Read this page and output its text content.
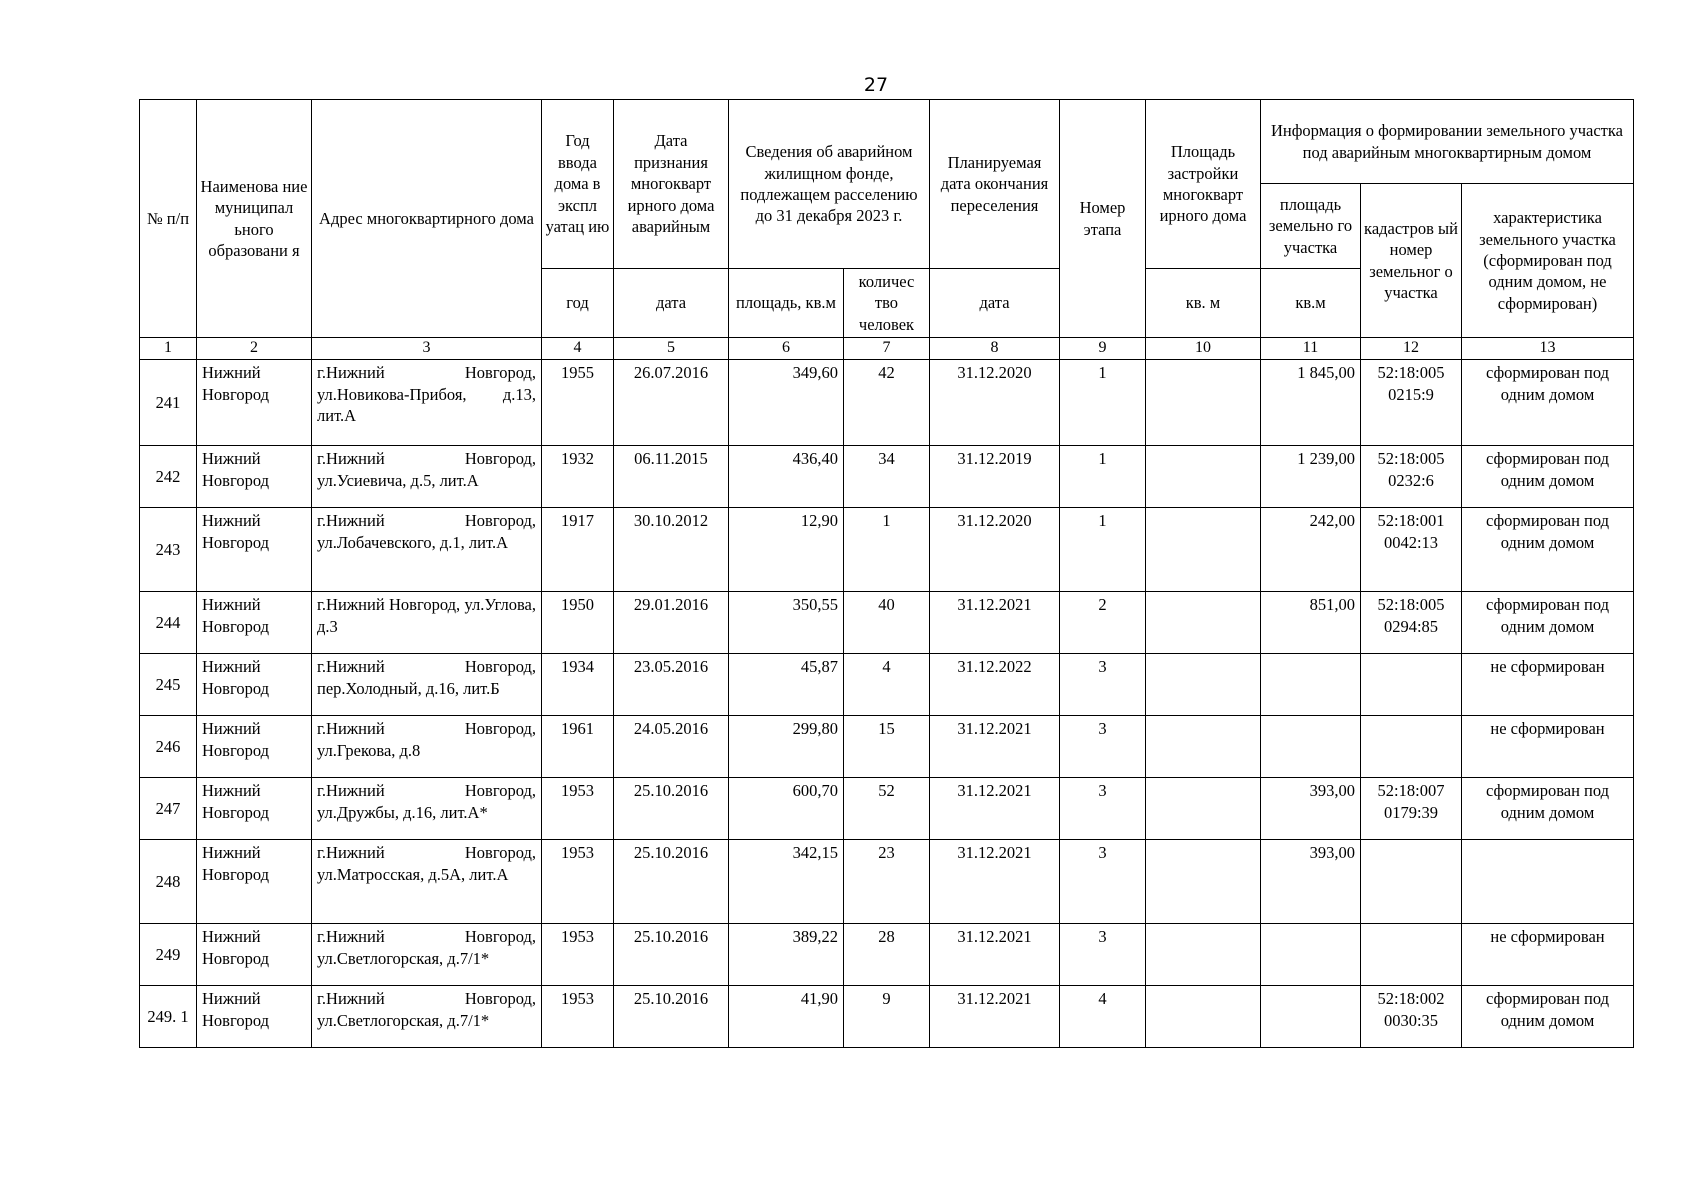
27
№ п/п	Наименова ние муниципал ьного образовани я	Адрес многоквартирного дома	Год ввода дома в экспл уатац ию	Дата признания многокварт ирного дома аварийным	Сведения об аварийном жилищном фонде, подлежащем расселению до 31 декабря 2023 г.		Планируемая дата окончания переселения	Номер этапа	Площадь застройки многокварт ирного дома	Информация о формировании земельного участка под аварийным многоквартирным домом		
										площадь земельно го участка	кадастров ый номер земельног о участка	характеристика земельного участка (сформирован под одним домом, не сформирован)
			год	дата	площадь, кв.м	количес тво человек	дата		кв. м	кв.м		
1	2	3	4	5	6	7	8	9	10	11	12	13
241	Нижний Новгород	г.Нижний Новгород, ул.Новикова-Прибоя, д.13, лит.А	1955	26.07.2016	349,60	42	31.12.2020	1		1 845,00	52:18:005 0215:9	сформирован под одним домом
242	Нижний Новгород	г.Нижний Новгород, ул.Усиевича, д.5, лит.А	1932	06.11.2015	436,40	34	31.12.2019	1		1 239,00	52:18:005 0232:6	сформирован под одним домом
243	Нижний Новгород	г.Нижний Новгород, ул.Лобачевского, д.1, лит.А	1917	30.10.2012	12,90	1	31.12.2020	1		242,00	52:18:001 0042:13	сформирован под одним домом
244	Нижний Новгород	г.Нижний Новгород, ул.Углова, д.3	1950	29.01.2016	350,55	40	31.12.2021	2		851,00	52:18:005 0294:85	сформирован под одним домом
245	Нижний Новгород	г.Нижний Новгород, пер.Холодный, д.16, лит.Б	1934	23.05.2016	45,87	4	31.12.2022	3				не сформирован
246	Нижний Новгород	г.Нижний Новгород, ул.Грекова, д.8	1961	24.05.2016	299,80	15	31.12.2021	3				не сформирован
247	Нижний Новгород	г.Нижний Новгород, ул.Дружбы, д.16, лит.А*	1953	25.10.2016	600,70	52	31.12.2021	3		393,00	52:18:007 0179:39	сформирован под одним домом
248	Нижний Новгород	г.Нижний Новгород, ул.Матросская, д.5А, лит.А	1953	25.10.2016	342,15	23	31.12.2021	3		393,00		
249	Нижний Новгород	г.Нижний Новгород, ул.Светлогорская, д.7/1*	1953	25.10.2016	389,22	28	31.12.2021	3				не сформирован
249. 1	Нижний Новгород	г.Нижний Новгород, ул.Светлогорская, д.7/1*	1953	25.10.2016	41,90	9	31.12.2021	4			52:18:002 0030:35	сформирован под одним домом
